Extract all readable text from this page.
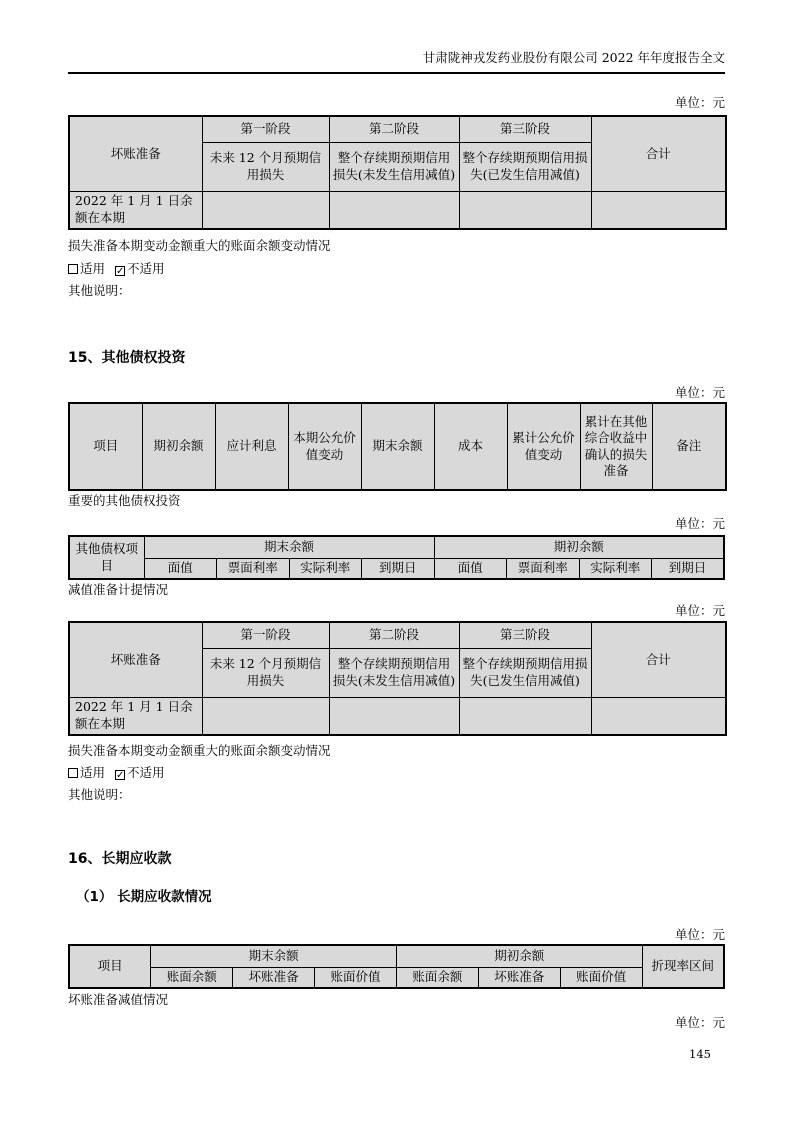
甘肃陇神戎发药业股份有限公司 2022 年年度报告全文
单位：元
坏账准备	第一阶段	第二阶段	第三阶段	合计
	未来 12 个月预期信用损失	整个存续期预期信用损失(未发生信用减值)	整个存续期预期信用损失(已发生信用减值)	
2022 年 1 月 1 日余额在本期				
损失准备本期变动金额重大的账面余额变动情况
适用 ✓ 不适用
其他说明：
15、其他债权投资
单位：元
项目	期初余额	应计利息	本期公允价值变动	期末余额	成本	累计公允价值变动	累计在其他综合收益中确认的损失准备	备注
重要的其他债权投资
单位：元
其他债权项目	期末余额				期初余额			
	面值	票面利率	实际利率	到期日	面值	票面利率	实际利率	到期日
减值准备计提情况
单位：元
坏账准备	第一阶段	第二阶段	第三阶段	合计
	未来 12 个月预期信用损失	整个存续期预期信用损失(未发生信用减值)	整个存续期预期信用损失(已发生信用减值)	
2022 年 1 月 1 日余额在本期				
损失准备本期变动金额重大的账面余额变动情况
适用 ✓ 不适用
其他说明：
16、长期应收款
（1） 长期应收款情况
单位：元
项目	期末余额			期初余额			折现率区间
	账面余额	坏账准备	账面价值	账面余额	坏账准备	账面价值	
坏账准备减值情况
单位：元
145
